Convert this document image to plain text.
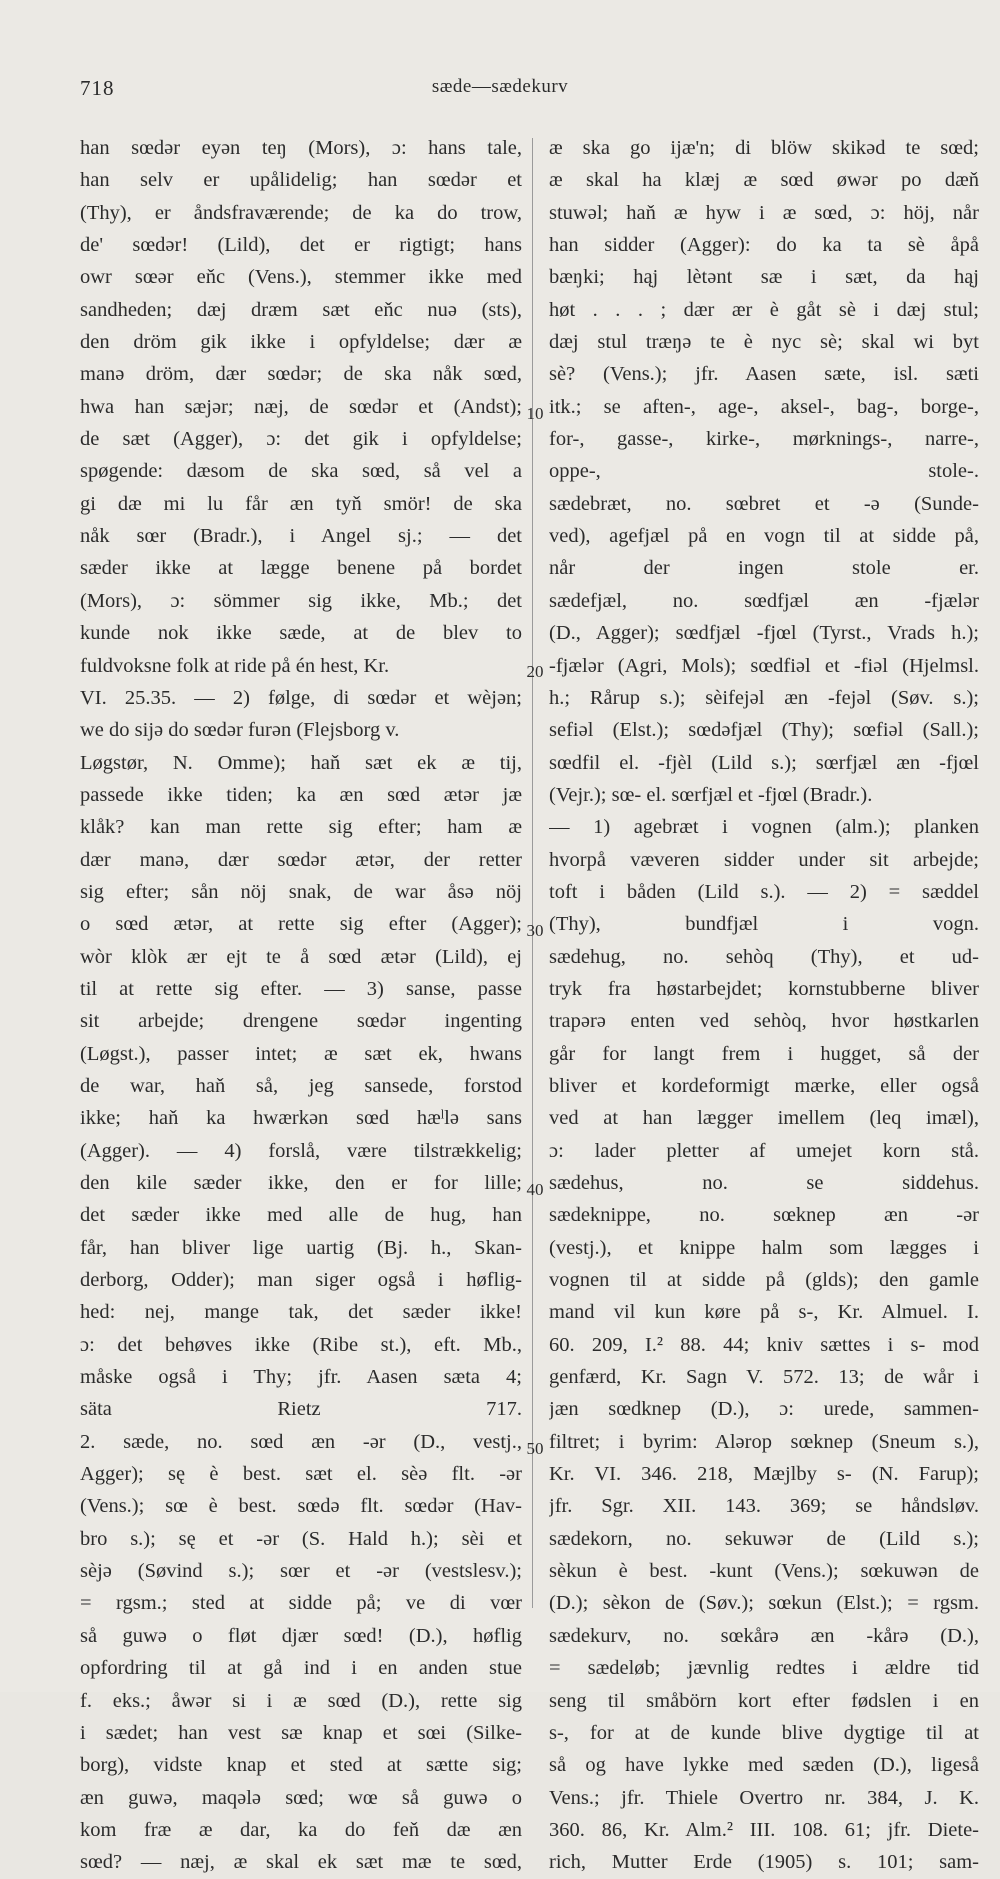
718	sæde—sædekurv
10
20
30
40
50
han sœdər eyən teŋ (Mors), ɔ: hans tale,
han selv er upålidelig; han sœdər et
(Thy), er åndsfraværende; de ka do trow,
de' sœdər! (Lild), det er rigtigt; hans
owr sœər eňc (Vens.), stemmer ikke med
sandheden; dæj dræm sæt eňc nuə (sts),
den dröm gik ikke i opfyldelse; dær æ
manə dröm, dær sœdər; de ska nåk sœd,
hwa han sæjər; næj, de sœdər et (Andst);
de sæt (Agger), ɔ: det gik i opfyldelse;
spøgende: dæsom de ska sœd, så vel a
gi dæ mi lu får æn tyň smör! de ska
nåk sœr (Bradr.), i Angel sj.; — det
sæder ikke at lægge benene på bordet
(Mors), ɔ: sömmer sig ikke, Mb.; det
kunde nok ikke sæde, at de blev to
fuldvoksne folk at ride på én hest, Kr.
VI. 25.35. — 2) følge, di sœdər et wèjən;
we do sijə do sœdər furən (Flejsborg v.
Løgstør, N. Omme); haň sæt ek æ tij,
passede ikke tiden; ka æn sœd ætər jæ
klåk? kan man rette sig efter; ham æ
dær manə, dær sœdər ætər, der retter
sig efter; sån nöj snak, de war åsə nöj
o sœd ætər, at rette sig efter (Agger);
wòr klòk ær ejt te å sœd ætər (Lild), ej
til at rette sig efter. — 3) sanse, passe
sit arbejde; drengene sœdər ingenting
(Løgst.), passer intet; æ sæt ek, hwans
de war, haň så, jeg sansede, forstod
ikke; haň ka hwærkən sœd hæˡlə sans
(Agger). — 4) forslå, være tilstrækkelig;
den kile sæder ikke, den er for lille;
det sæder ikke med alle de hug, han
får, han bliver lige uartig (Bj. h., Skan-
derborg, Odder); man siger også i høflig-
hed: nej, mange tak, det sæder ikke!
ɔ: det behøves ikke (Ribe st.), eft. Mb.,
måske også i Thy; jfr. Aasen sæta 4;
säta Rietz 717.
2. sæde, no. sœd æn -ər (D., vestj.,
Agger); sę è best. sæt el. sèə flt. -ər
(Vens.); sœ è best. sœdə flt. sœdər (Hav-
bro s.); sę et -ər (S. Hald h.); sèi et
sèjə (Søvind s.); sœr et -ər (vestslesv.);
= rgsm.; sted at sidde på; ve di vœr
så guwə o fløt djær sœd! (D.), høflig
opfordring til at gå ind i en anden stue
f. eks.; åwər si i æ sœd (D.), rette sig
i sædet; han vest sæ knap et sœi (Silke-
borg), vidste knap et sted at sætte sig;
æn guwə, maqələ sœd; wœ så guwə o
kom fræ æ dar, ka do feň dæ æn
sœd? — næj, æ skal ek sæt mæ te sœd,
æ ska go ijæ'n; di blöw skikəd te sœd;
æ skal ha klæj æ sœd øwər po dæň
stuwəl; haň æ hyw i æ sœd, ɔ: höj, når
han sidder (Agger): do ka ta sè åpå
bæŋki; hąj lètənt sæ i sæt, da hąj
høt . . . ; dær ær è gåt sè i dæj stul;
dæj stul træŋə te è nyc sè; skal wi byt
sè? (Vens.); jfr. Aasen sæte, isl. sæti
itk.; se aften-, age-, aksel-, bag-, borge-,
for-, gasse-, kirke-, mørknings-, narre-,
oppe-, stole-.
sædebræt, no. sœbret et -ə (Sunde-
ved), agefjæl på en vogn til at sidde på,
når der ingen stole er.
sædefjæl, no. sœdfjæl æn -fjælər
(D., Agger); sœdfjæl -fjœl (Tyrst., Vrads h.);
-fjælər (Agri, Mols); sœdfiəl et -fiəl (Hjelmsl.
h.; Rårup s.); sèifejəl æn -fejəl (Søv. s.);
sefiəl (Elst.); sœdəfjæl (Thy); sœfiəl (Sall.);
sœdfil el. -fjèl (Lild s.); sœrfjæl æn -fjœl
(Vejr.); sœ- el. sœrfjæl et -fjœl (Bradr.).
— 1) agebræt i vognen (alm.); planken
hvorpå væveren sidder under sit arbejde;
toft i båden (Lild s.). — 2) = sæddel
(Thy), bundfjæl i vogn.
sædehug, no. sehòq (Thy), et ud-
tryk fra høstarbejdet; kornstubberne bliver
trapərə enten ved sehòq, hvor høstkarlen
går for langt frem i hugget, så der
bliver et kordeformigt mærke, eller også
ved at han lægger imellem (leq imæl),
ɔ: lader pletter af umejet korn stå.
sædehus, no. se siddehus.
sædeknippe, no. sœknep æn -ər
(vestj.), et knippe halm som lægges i
vognen til at sidde på (glds); den gamle
mand vil kun køre på s-, Kr. Almuel. I.
60. 209, I.² 88. 44; kniv sættes i s- mod
genfærd, Kr. Sagn V. 572. 13; de wår i
jæn sœdknep (D.), ɔ: urede, sammen-
filtret; i byrim: Alərop sœknep (Sneum s.),
Kr. VI. 346. 218, Mæjlby s- (N. Farup);
jfr. Sgr. XII. 143. 369; se håndsløv.
sædekorn, no. sekuwər de (Lild s.);
sèkun è best. -kunt (Vens.); sœkuwən de
(D.); sèkon de (Søv.); sœkun (Elst.); = rgsm.
sædekurv, no. sœkårə æn -kårə (D.),
= sædeløb; jævnlig redtes i ældre tid
seng til småbörn kort efter fødslen i en
s-, for at de kunde blive dygtige til at
så og have lykke med sæden (D.), ligeså
Vens.; jfr. Thiele Overtro nr. 384, J. K.
360. 86, Kr. Alm.² III. 108. 61; jfr. Diete-
rich, Mutter Erde (1905) s. 101; sam-
